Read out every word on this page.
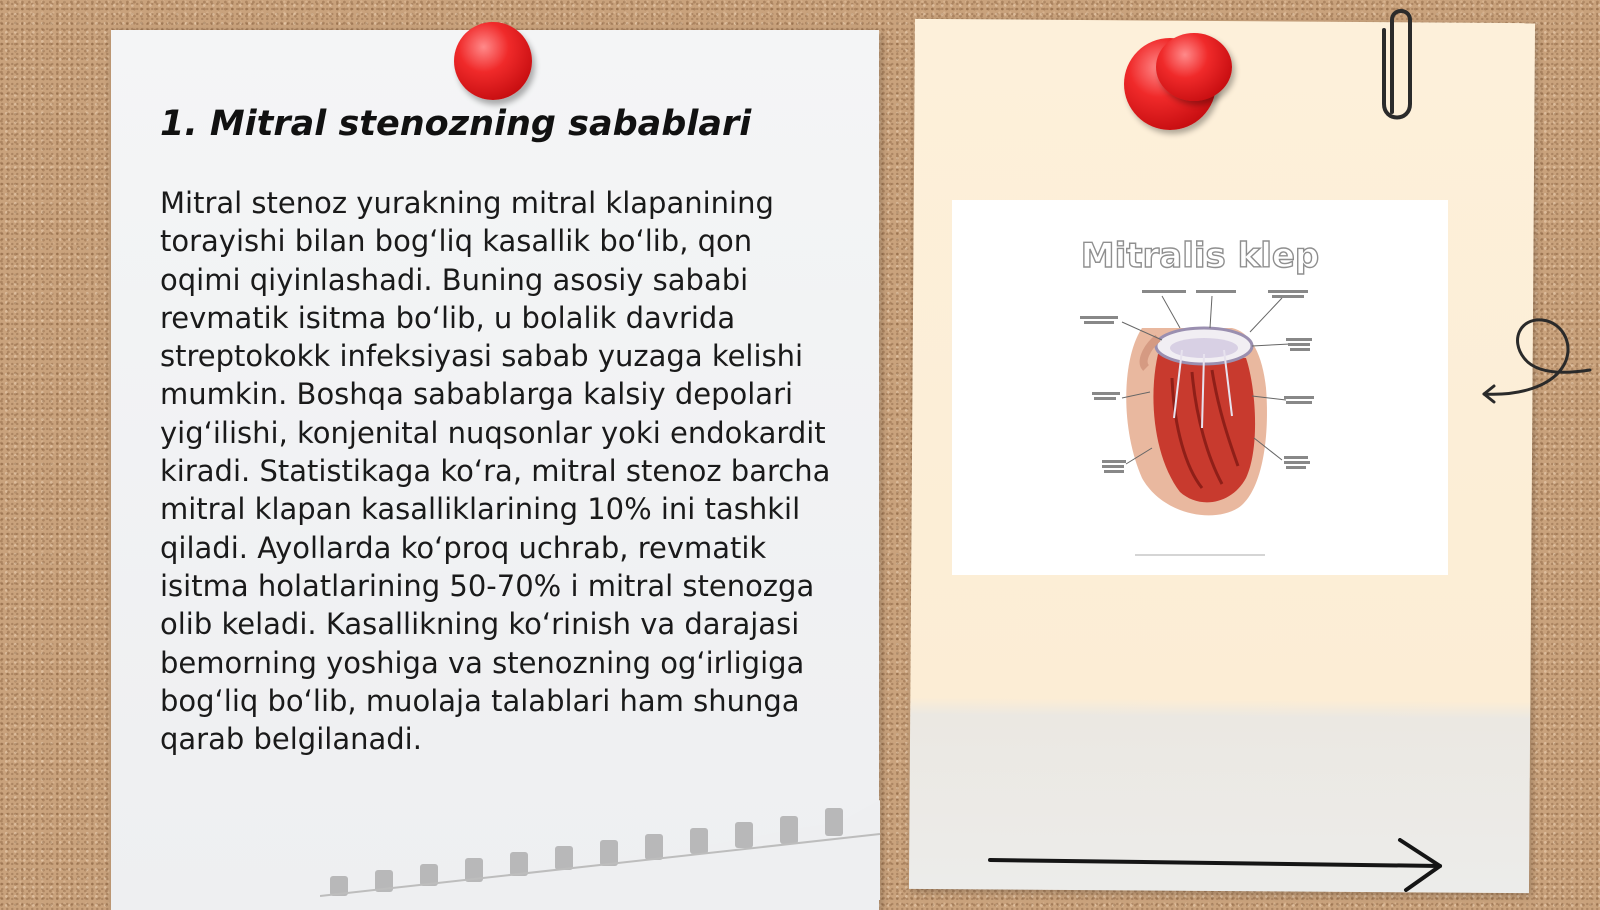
1. Mitral stenozning sabablari

Mitral stenoz yurakning mitral klapanining torayishi bilan bog‘liq kasallik bo‘lib, qon oqimi qiyinlashadi. Buning asosiy sababi revmatik isitma bo‘lib, u bolalik davrida streptokokk infeksiyasi sabab yuzaga kelishi mumkin. Boshqa sabablarga kalsiy depolari yig‘ilishi, konjenital nuqsonlar yoki endokardit kiradi. Statistikaga ko‘ra, mitral stenoz barcha mitral klapan kasalliklarining 10% ini tashkil qiladi. Ayollarda ko‘proq uchrab, revmatik isitma holatlarining 50-70% i mitral stenozga olib keladi. Kasallikning ko‘rinish va darajasi bemorning yoshiga va stenozning og‘irligiga bog‘liq bo‘lib, muolaja talablari ham shunga qarab belgilanadi.

Mitralis klep
